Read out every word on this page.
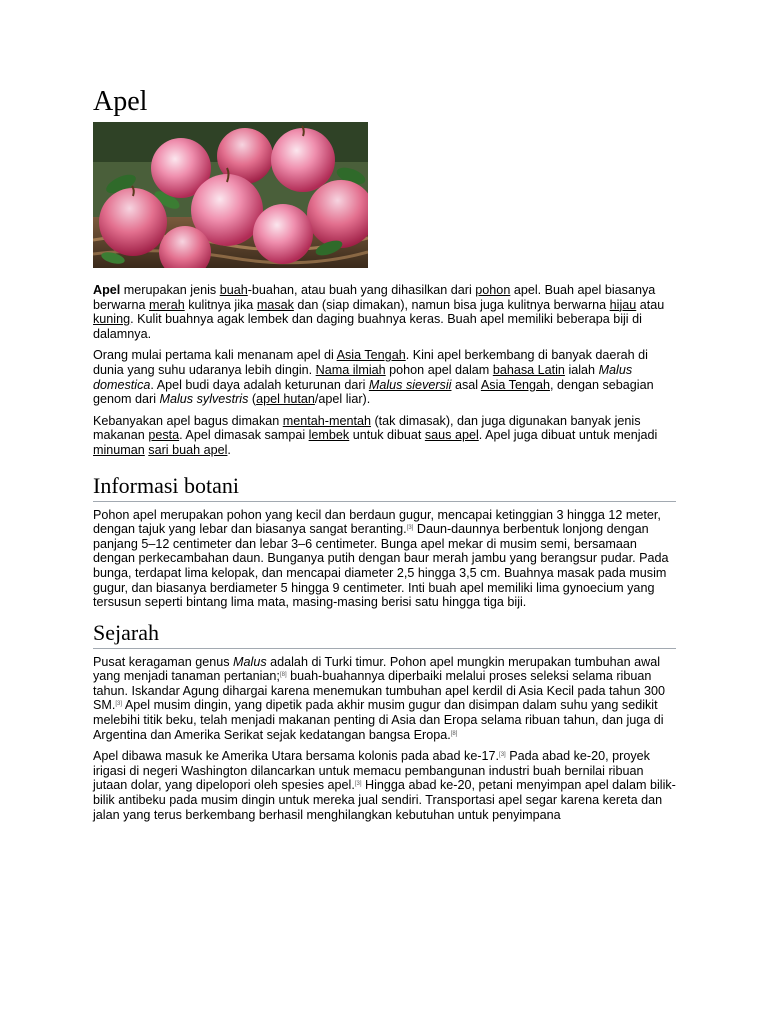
Apel

Apel merupakan jenis buah-buahan, atau buah yang dihasilkan dari pohon apel. Buah apel biasanya berwarna merah kulitnya jika masak dan (siap dimakan), namun bisa juga kulitnya berwarna hijau atau kuning. Kulit buahnya agak lembek dan daging buahnya keras. Buah apel memiliki beberapa biji di dalamnya.

Orang mulai pertama kali menanam apel di Asia Tengah. Kini apel berkembang di banyak daerah di dunia yang suhu udaranya lebih dingin. Nama ilmiah pohon apel dalam bahasa Latin ialah Malus domestica. Apel budi daya adalah keturunan dari Malus sieversii asal Asia Tengah, dengan sebagian genom dari Malus sylvestris (apel hutan/apel liar).

Kebanyakan apel bagus dimakan mentah-mentah (tak dimasak), dan juga digunakan banyak jenis makanan pesta. Apel dimasak sampai lembek untuk dibuat saus apel. Apel juga dibuat untuk menjadi minuman sari buah apel.

Informasi botani

Pohon apel merupakan pohon yang kecil dan berdaun gugur, mencapai ketinggian 3 hingga 12 meter, dengan tajuk yang lebar dan biasanya sangat beranting.[3] Daun-daunnya berbentuk lonjong dengan panjang 5–12 centimeter dan lebar 3–6 centimeter. Bunga apel mekar di musim semi, bersamaan dengan perkecambahan daun. Bunganya putih dengan baur merah jambu yang berangsur pudar. Pada bunga, terdapat lima kelopak, dan mencapai diameter 2,5 hingga 3,5 cm. Buahnya masak pada musim gugur, dan biasanya berdiameter 5 hingga 9 centimeter. Inti buah apel memiliki lima gynoecium yang tersusun seperti bintang lima mata, masing-masing berisi satu hingga tiga biji.

Sejarah

Pusat keragaman genus Malus adalah di Turki timur. Pohon apel mungkin merupakan tumbuhan awal yang menjadi tanaman pertanian;[8] buah-buahannya diperbaiki melalui proses seleksi selama ribuan tahun. Iskandar Agung dihargai karena menemukan tumbuhan apel kerdil di Asia Kecil pada tahun 300 SM.[3] Apel musim dingin, yang dipetik pada akhir musim gugur dan disimpan dalam suhu yang sedikit melebihi titik beku, telah menjadi makanan penting di Asia dan Eropa selama ribuan tahun, dan juga di Argentina dan Amerika Serikat sejak kedatangan bangsa Eropa.[8]

Apel dibawa masuk ke Amerika Utara bersama kolonis pada abad ke-17.[3] Pada abad ke-20, proyek irigasi di negeri Washington dilancarkan untuk memacu pembangunan industri buah bernilai ribuan jutaan dolar, yang dipelopori oleh spesies apel.[3] Hingga abad ke-20, petani menyimpan apel dalam bilik-bilik antibeku pada musim dingin untuk mereka jual sendiri. Transportasi apel segar karena kereta dan jalan yang terus berkembang berhasil menghilangkan kebutuhan untuk penyimpana
